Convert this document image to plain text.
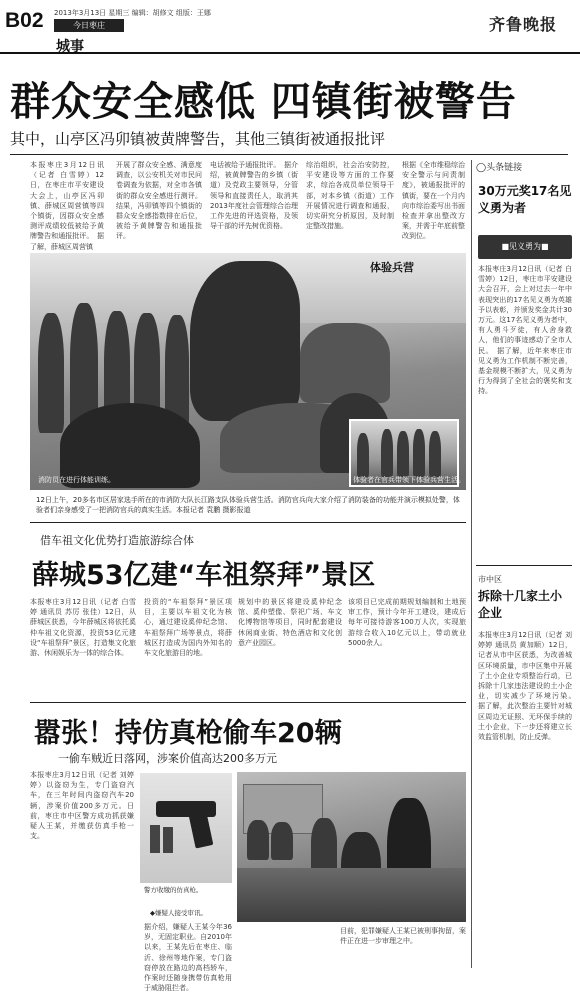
B02 2013年3月13日 星期三 编辑：胡修文 组版：王娜
今日枣庄
城事
齐鲁晚报
群众安全感低 四镇街被警告
其中，山亭区冯卯镇被黄牌警告，其他三镇街被通报批评
本报枣庄3月12日讯（记者 白雪婷）12日，在枣庄市平安建设大会上，山亭区冯卯镇、薛城区周营镇等四个镇街，因群众安全感测评成绩较低被给予黄牌警告和通报批评。　据了解，薛城区周营镇
开展了群众安全感、满意度调查，以公安机关对市民问卷调查为依据，对全市各镇街的群众安全感进行测评。结果，冯卯镇等四个镇街的群众安全感指数排在后位，被给予黄牌警告和通报批评。
电话被给予通报批评。　据介绍，被黄牌警告的乡镇（街道）及党政主要领导，分管领导和直接责任人，取消其2013年度社会管理综合治理工作先进的评选资格，及领导干部的评先树优资格。
综治组织，社会治安防控，平安建设等方面的工作要求，综治各成员单位领导干部，对本乡镇（街道）工作开展情况进行调查和通报，切实研究分析原因，及时制定整改措施。
根据《全市维稳综治安全警示与问责制度》，被通报批评的镇街，要在一个月内向市综治委写出书面检查并拿出整改方案，并需于年底前整改到位。
体验兵营
消防员在进行体能训练。	体验者在官兵带领下体验兵营生活。
12日上午，20多名市区居家选手所在的市消防大队长江路支队体验兵营生活。消防官兵向大家介绍了消防装备的功能并演示模拟处警，体验者们亲身感受了一把消防官兵的真实生活。本报记者 袁鹏 摄影报道
借车祖文化优势打造旅游综合体
薛城53亿建“车祖祭拜”景区
本报枣庄3月12日讯（记者 白雪婷 通讯员 苏厉 张佳）12日，从薛城区获悉，今年薛城区将依托奚仲车祖文化资源，投资53亿元建设“车祖祭拜”景区，打造集文化旅游、休闲娱乐为一体的综合体。
投资的“车祖祭拜”景区项目，主要以车祖文化为核心，通过建设奚仲纪念馆、车祖祭拜广场等景点，将薛城区打造成为国内外知名的车文化旅游目的地。
规划中的景区将建设奚仲纪念馆、奚仲塑像、祭祀广场、车文化博物馆等项目，同时配套建设休闲商业街、特色酒店和文化创意产业园区。
该项目已完成前期规划编制和土地预审工作，预计今年开工建设，建成后每年可接待游客100万人次，实现旅游综合收入10亿元以上，带动就业5000余人。
嚣张！持仿真枪偷车20辆
一偷车贼近日落网，涉案价值高达200多万元
本报枣庄3月12日讯（记者 刘婷婷）以盗窃为生，专门盗窃汽车，在三年时间内盗窃汽车20辆，涉案价值200多万元。日前，枣庄市中区警方成功抓获嫌疑人王某，并缴获仿真手枪一支。
警方收缴的仿真枪。
◆嫌疑人接受审讯。
据介绍，嫌疑人王某今年36岁，无固定职业。自2010年以来，王某先后在枣庄、临沂、徐州等地作案，专门盗窃停放在路边的高档轿车，作案时还随身携带仿真枪用于威胁阻拦者。
目前，犯罪嫌疑人王某已被刑事拘留，案件正在进一步审理之中。
◯头条链接
30万元奖17名见义勇为者
■见义勇为■
本报枣庄3月12日讯（记者 白雪婷）12日，枣庄市平安建设大会召开，会上对过去一年中表现突出的17名见义勇为英雄予以表彰，并颁发奖金共计30万元。这17名见义勇为者中，有人勇斗歹徒，有人舍身救人，他们的事迹感动了全市人民。　据了解，近年来枣庄市见义勇为工作机制不断完善，基金规模不断扩大，见义勇为行为得到了全社会的褒奖和支持。
市中区
拆除十几家土小企业
本报枣庄3月12日讯（记者 刘婷婷 通讯员 黄加顺）12日，记者从市中区获悉，为改善城区环境质量，市中区集中开展了土小企业专项整治行动，已拆除十几家违法建设的土小企业，切实减少了环境污染。　据了解，此次整治主要针对城区周边无证照、无环保手续的土小企业，下一步还将建立长效监管机制，防止反弹。
